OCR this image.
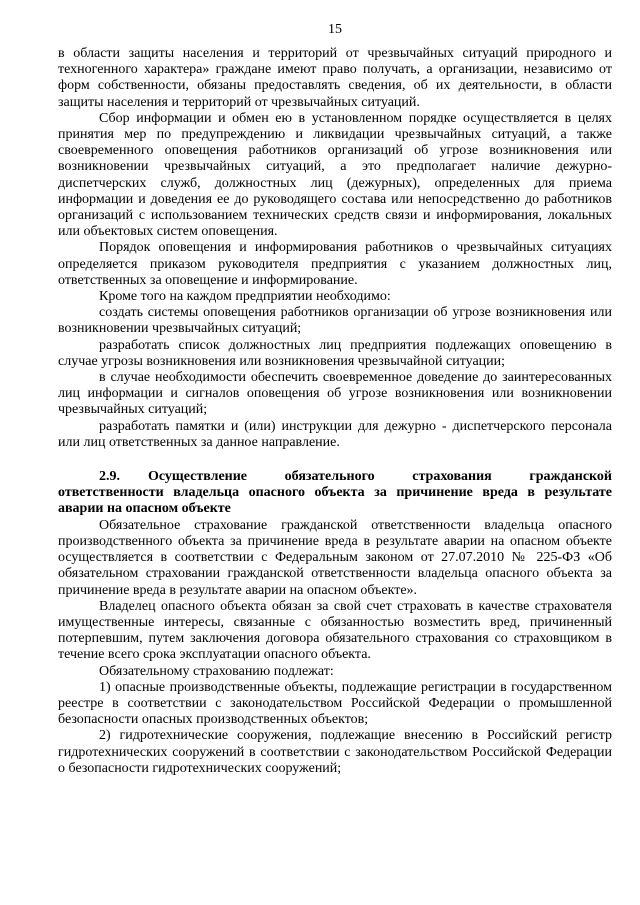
15

в области защиты населения и территорий от чрезвычайных ситуаций природного и техногенного характера» граждане имеют право получать, а организации, независимо от форм собственности, обязаны предоставлять сведения, об их деятельности, в области защиты населения и территорий от чрезвычайных ситуаций.

Сбор информации и обмен ею в установленном порядке осуществляется в целях принятия мер по предупреждению и ликвидации чрезвычайных ситуаций, а также своевременного оповещения работников организаций об угрозе возникновения или возникновении чрезвычайных ситуаций, а это предполагает наличие дежурно-диспетчерских служб, должностных лиц (дежурных), определенных для приема информации и доведения ее до руководящего состава или непосредственно до работников организаций с использованием технических средств связи и информирования, локальных или объектовых систем оповещения.

Порядок оповещения и информирования работников о чрезвычайных ситуациях определяется приказом руководителя предприятия с указанием должностных лиц, ответственных за оповещение и информирование.

Кроме того на каждом предприятии необходимо:

создать системы оповещения работников организации об угрозе возникновения или возникновении чрезвычайных ситуаций;

разработать список должностных лиц предприятия подлежащих оповещению в случае угрозы возникновения или возникновения чрезвычайной ситуации;

в случае необходимости обеспечить своевременное доведение до заинтересованных лиц информации и сигналов оповещения об угрозе возникновения или возникновении чрезвычайных ситуаций;

разработать памятки и (или) инструкции для дежурно - диспетчерского персонала или лиц ответственных за данное направление.

2.9. Осуществление обязательного страхования гражданской ответственности владельца опасного объекта за причинение вреда в результате аварии на опасном объекте

Обязательное страхование гражданской ответственности владельца опасного производственного объекта за причинение вреда в результате аварии на опасном объекте осуществляется в соответствии с Федеральным законом от 27.07.2010 № 225-ФЗ «Об обязательном страховании гражданской ответственности владельца опасного объекта за причинение вреда в результате аварии на опасном объекте».

Владелец опасного объекта обязан за свой счет страховать в качестве страхователя имущественные интересы, связанные с обязанностью возместить вред, причиненный потерпевшим, путем заключения договора обязательного страхования со страховщиком в течение всего срока эксплуатации опасного объекта.

Обязательному страхованию подлежат:

1) опасные производственные объекты, подлежащие регистрации в государственном реестре в соответствии с законодательством Российской Федерации о промышленной безопасности опасных производственных объектов;

2) гидротехнические сооружения, подлежащие внесению в Российский регистр гидротехнических сооружений в соответствии с законодательством Российской Федерации о безопасности гидротехнических сооружений;
